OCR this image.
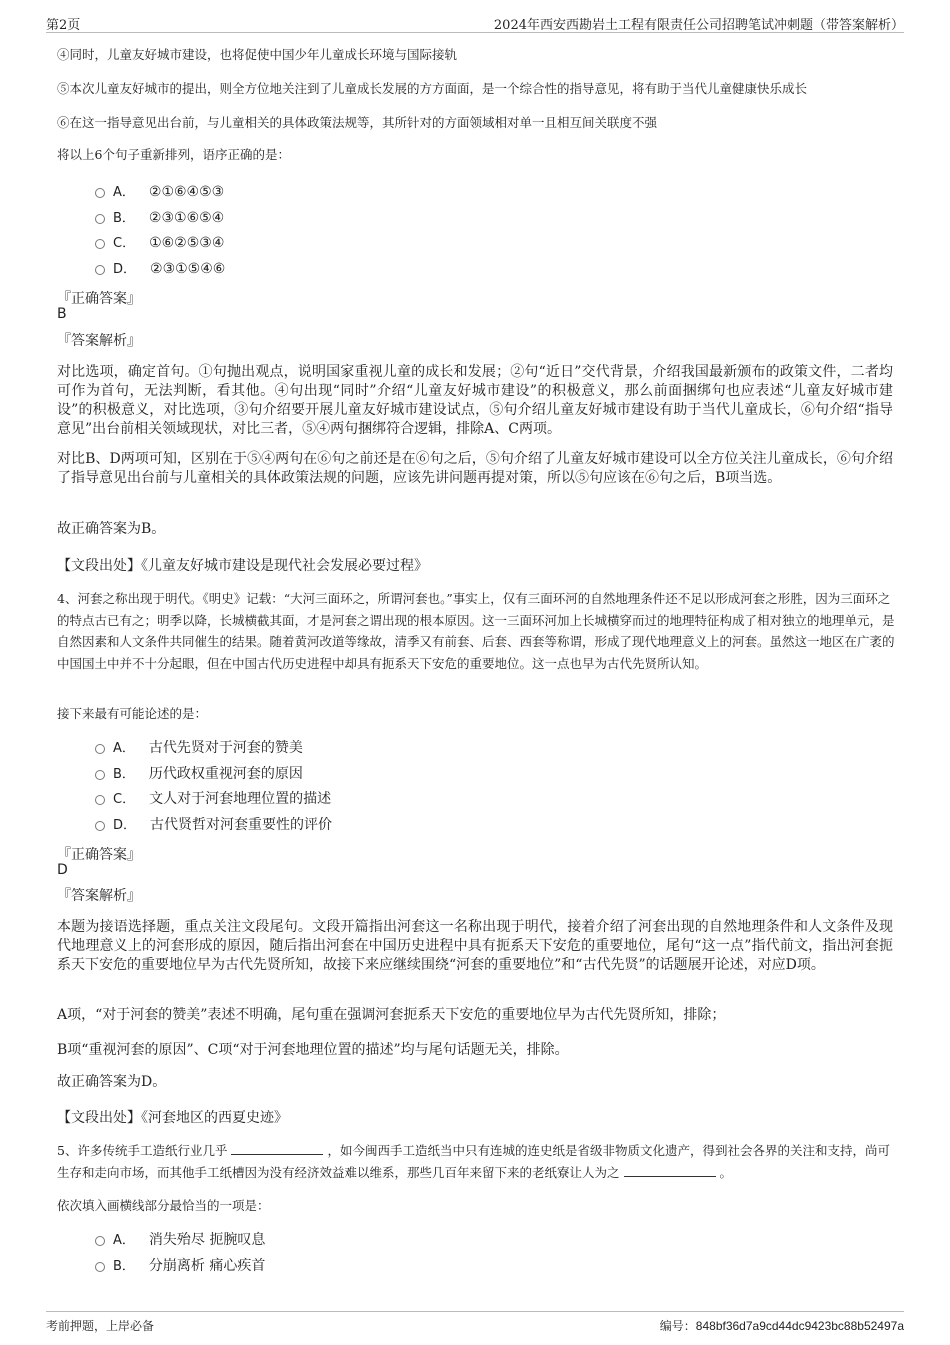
第2页	2024年西安西勘岩土工程有限责任公司招聘笔试冲刺题（带答案解析）
④同时，儿童友好城市建设，也将促使中国少年儿童成长环境与国际接轨
⑤本次儿童友好城市的提出，则全方位地关注到了儿童成长发展的方方面面，是一个综合性的指导意见，将有助于当代儿童健康快乐成长
⑥在这一指导意见出台前，与儿童相关的具体政策法规等，其所针对的方面领域相对单一且相互间关联度不强
将以上6个句子重新排列，语序正确的是：
A． ②①⑥④⑤③
B． ②③①⑥⑤④
C． ①⑥②⑤③④
D． ②③①⑤④⑥
『正确答案』
B
『答案解析』
对比选项，确定首句。①句抛出观点，说明国家重视儿童的成长和发展；②句“近日”交代背景，介绍我国最新颁布的政策文件，二者均可作为首句，无法判断，看其他。④句出现“同时”介绍“儿童友好城市建设”的积极意义，那么前面捆绑句也应表述“儿童友好城市建设”的积极意义，对比选项，③句介绍要开展儿童友好城市建设试点，⑤句介绍儿童友好城市建设有助于当代儿童成长，⑥句介绍“指导意见”出台前相关领域现状，对比三者，⑤④两句捆绑符合逻辑，排除A、C两项。
对比B、D两项可知，区别在于⑤④两句在⑥句之前还是在⑥句之后，⑤句介绍了儿童友好城市建设可以全方位关注儿童成长，⑥句介绍了指导意见出台前与儿童相关的具体政策法规的问题，应该先讲问题再提对策，所以⑤句应该在⑥句之后，B项当选。
故正确答案为B。
【文段出处】《儿童友好城市建设是现代社会发展必要过程》
4、河套之称出现于明代。《明史》记载：“大河三面环之，所谓河套也。”事实上，仅有三面环河的自然地理条件还不足以形成河套之形胜，因为三面环之的特点古已有之；明季以降，长城横截其面，才是河套之谓出现的根本原因。这一三面环河加上长城横穿而过的地理特征构成了相对独立的地理单元，是自然因素和人文条件共同催生的结果。随着黄河改道等缘故，清季又有前套、后套、西套等称谓，形成了现代地理意义上的河套。虽然这一地区在广袤的中国国土中并不十分起眼，但在中国古代历史进程中却具有扼系天下安危的重要地位。这一点也早为古代先贤所认知。
接下来最有可能论述的是：
A． 古代先贤对于河套的赞美
B． 历代政权重视河套的原因
C． 文人对于河套地理位置的描述
D． 古代贤哲对河套重要性的评价
『正确答案』
D
『答案解析』
本题为接语选择题，重点关注文段尾句。文段开篇指出河套这一名称出现于明代，接着介绍了河套出现的自然地理条件和人文条件及现代地理意义上的河套形成的原因，随后指出河套在中国历史进程中具有扼系天下安危的重要地位，尾句“这一点”指代前文，指出河套扼系天下安危的重要地位早为古代先贤所知，故接下来应继续围绕“河套的重要地位”和“古代先贤”的话题展开论述，对应D项。
A项，“对于河套的赞美”表述不明确，尾句重在强调河套扼系天下安危的重要地位早为古代先贤所知，排除；
B项“重视河套的原因”、C项“对于河套地理位置的描述”均与尾句话题无关，排除。
故正确答案为D。
【文段出处】《河套地区的西夏史迹》
5、许多传统手工造纸行业几乎	，如今闽西手工造纸当中只有连城的连史纸是省级非物质文化遗产，得到社会各界的关注和支持，尚可生存和走向市场，而其他手工纸槽因为没有经济效益难以维系，那些几百年来留下来的老纸寮让人为之	。
依次填入画横线部分最恰当的一项是：
A． 消失殆尽 扼腕叹息
B． 分崩离析 痛心疾首
考前押题，上岸必备	编号：848bf36d7a9cd44dc9423bc88b52497a
